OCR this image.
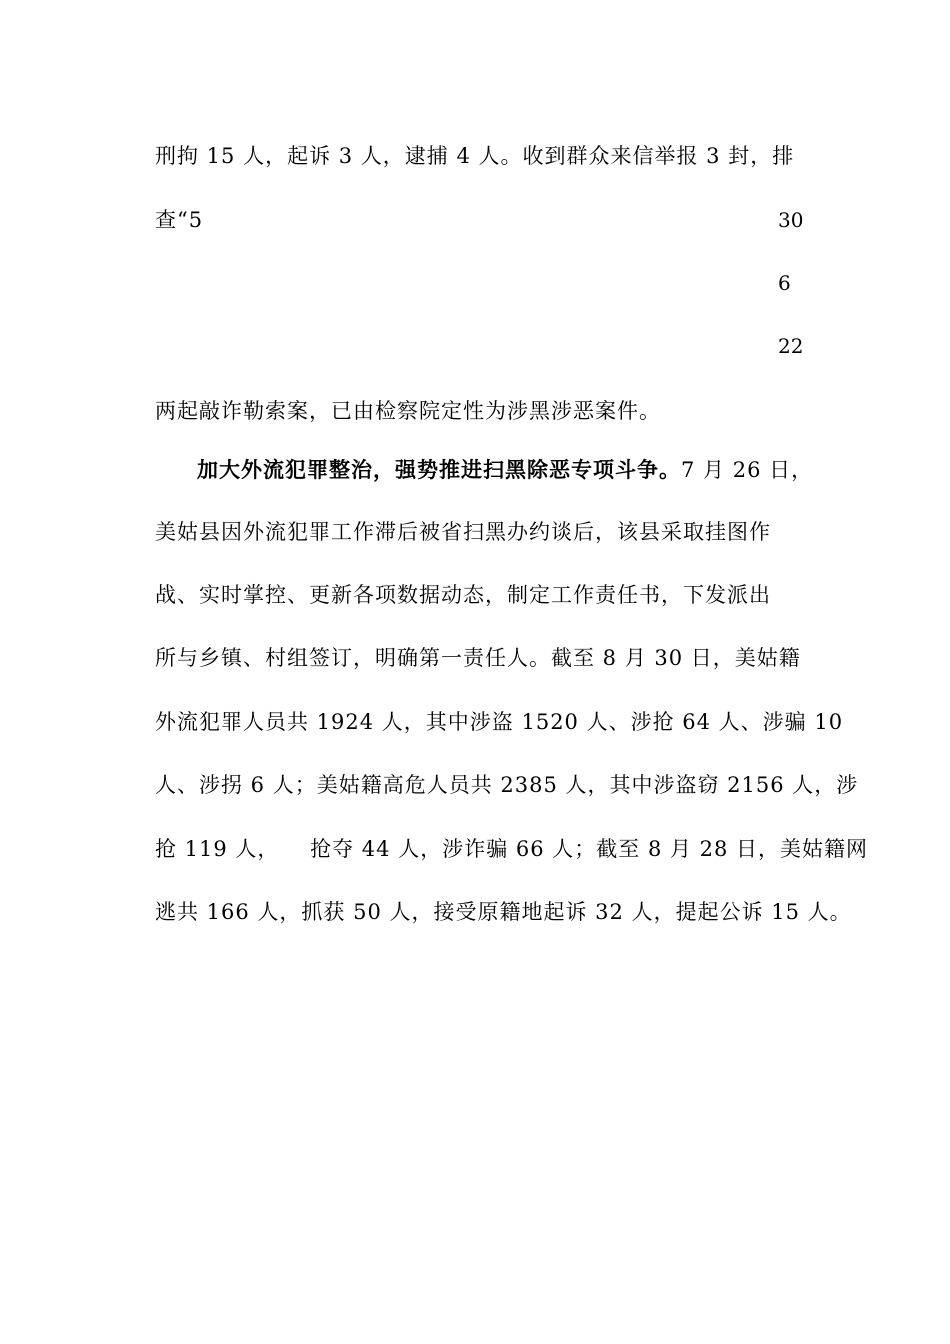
刑拘 15 人，起诉 3 人，逮捕 4 人。收到群众来信举报 3 封，排
查“5	30
6
22
两起敲诈勒索案，已由检察院定性为涉黑涉恶案件。
加大外流犯罪整治，强势推进扫黑除恶专项斗争。7 月 26 日，
美姑县因外流犯罪工作滞后被省扫黑办约谈后，该县采取挂图作
战、实时掌控、更新各项数据动态，制定工作责任书，下发派出
所与乡镇、村组签订，明确第一责任人。截至 8 月 30 日，美姑籍
外流犯罪人员共 1924 人，其中涉盗 1520 人、涉抢 64 人、涉骗 10
人、涉拐 6 人；美姑籍高危人员共 2385 人，其中涉盗窃 2156 人，涉
抢 119 人，    抢夺 44 人，涉诈骗 66 人；截至 8 月 28 日，美姑籍网
逃共 166 人，抓获 50 人，接受原籍地起诉 32 人，提起公诉 15 人。
